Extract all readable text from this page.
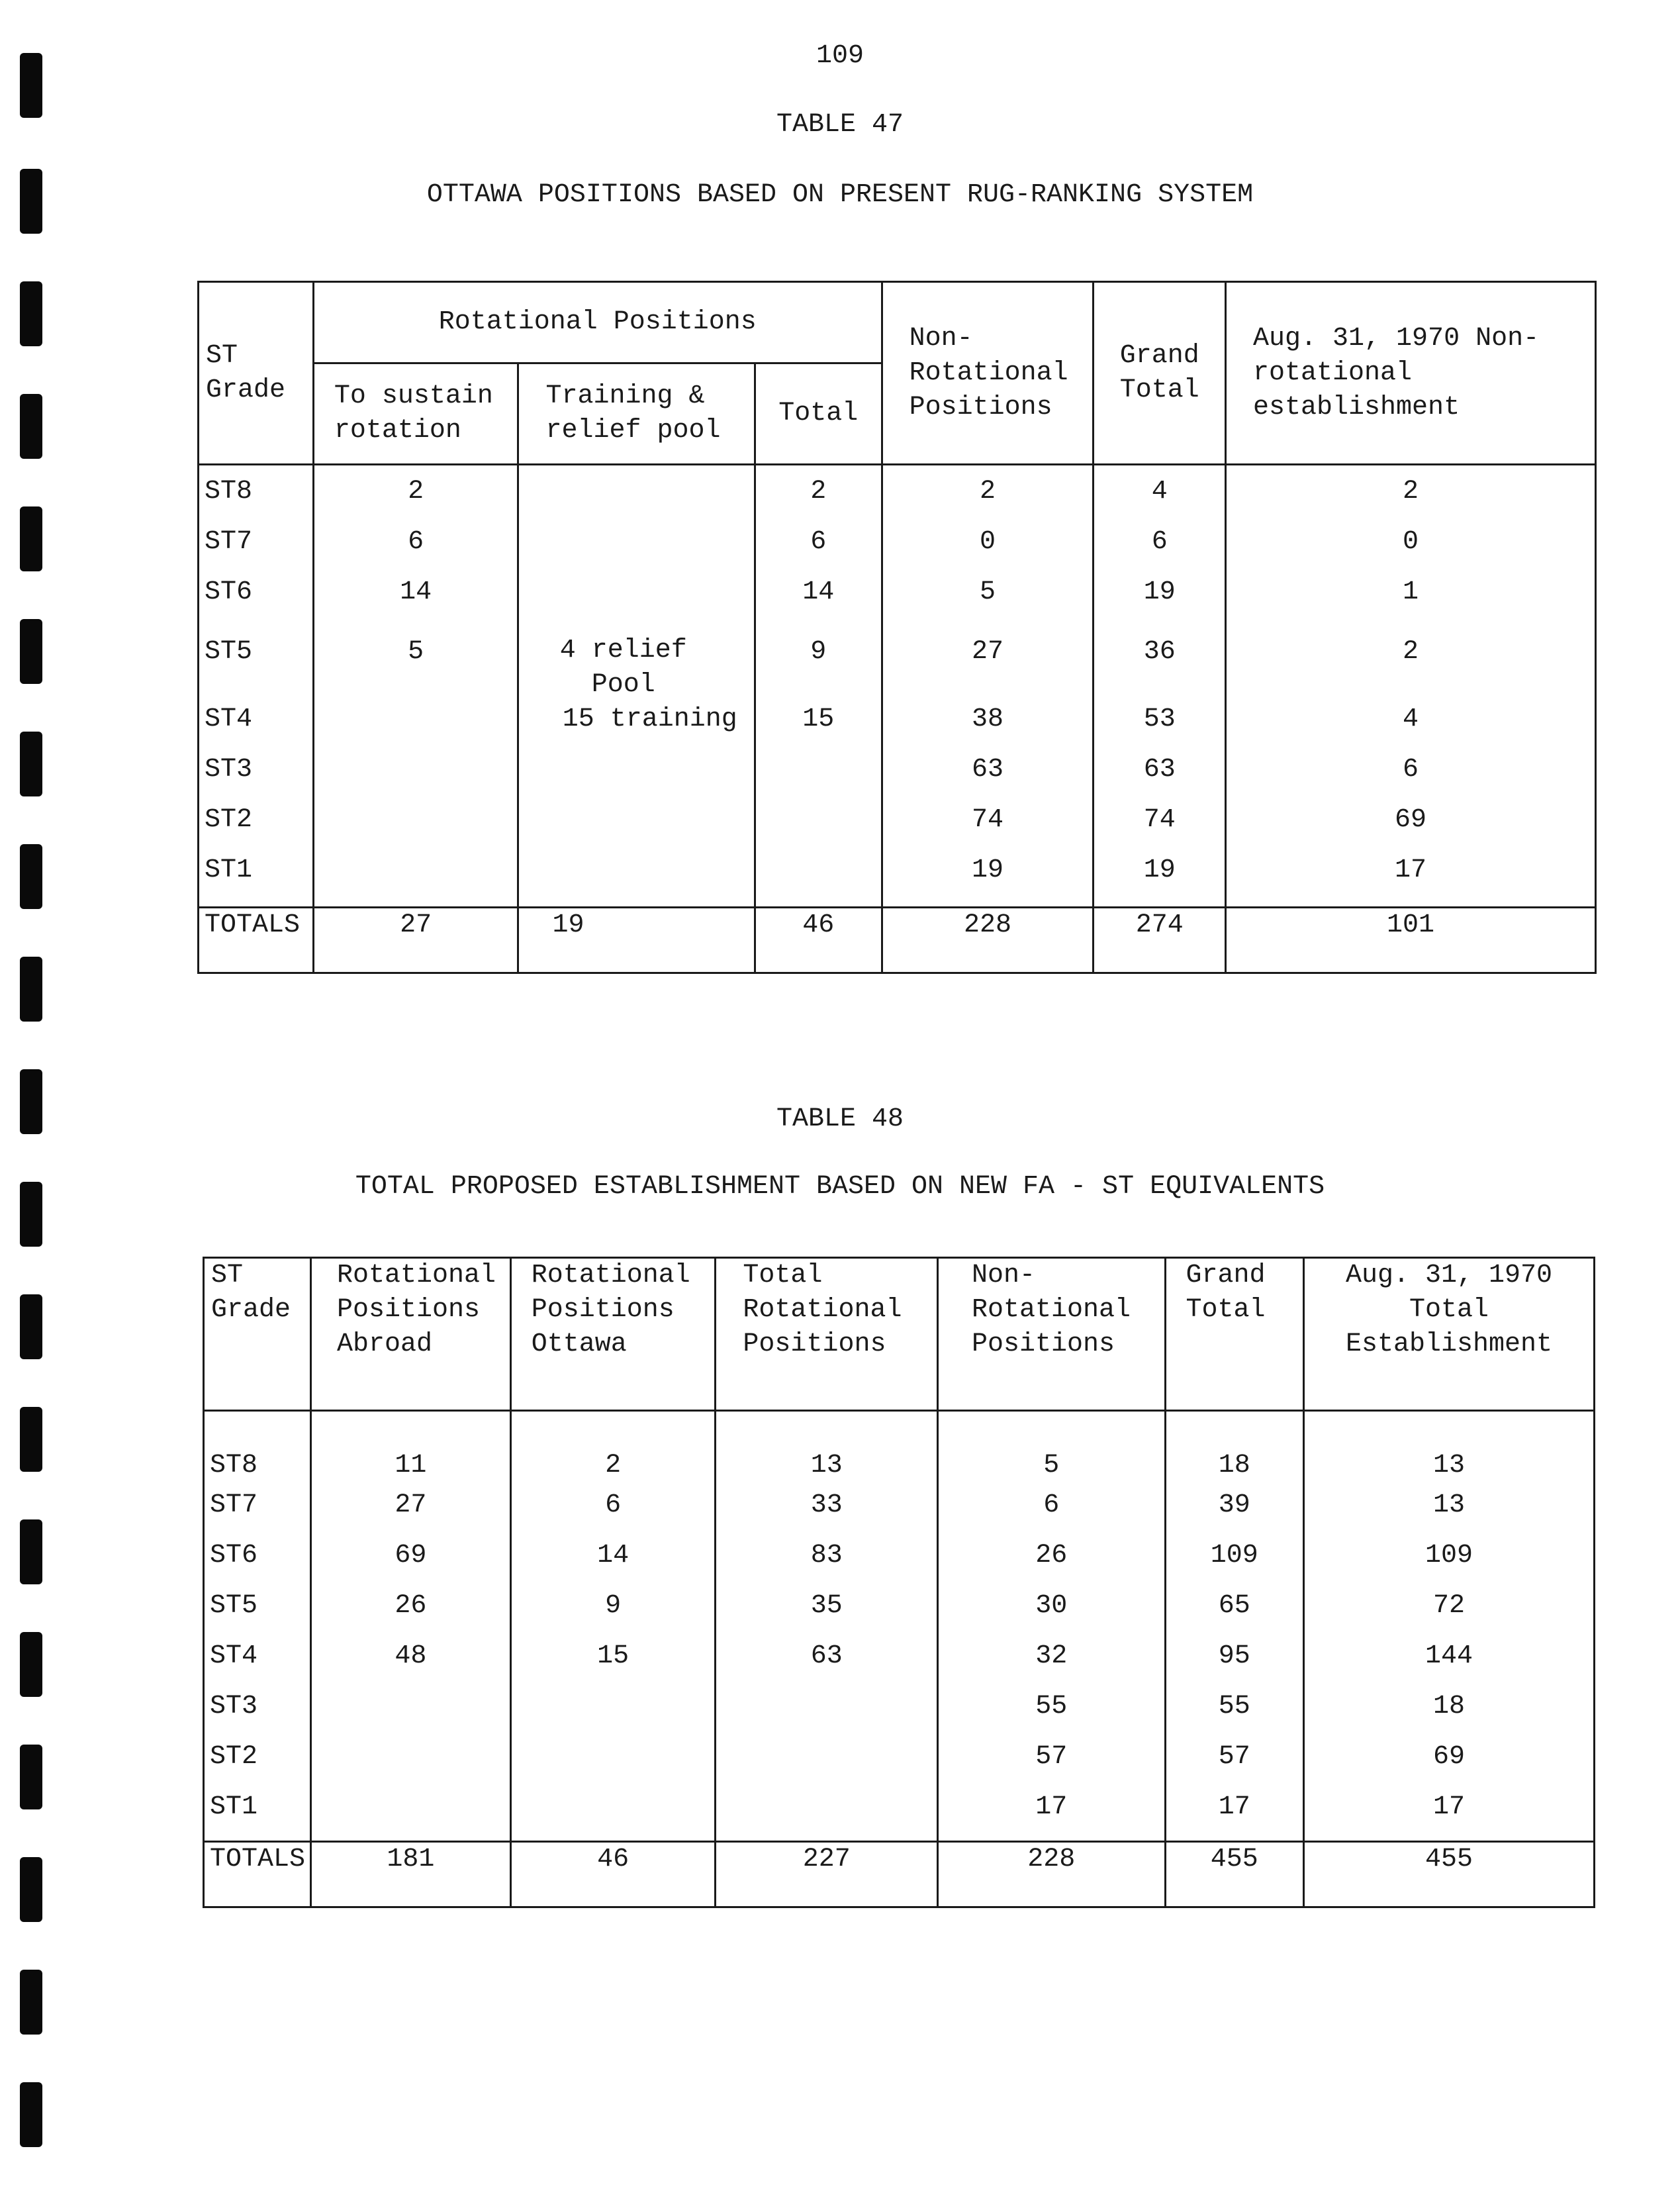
109
TABLE 47
OTTAWA POSITIONS BASED ON PRESENT RUG-RANKING SYSTEM
ST Grade	Rotational Positions			Non- Rotational Positions	Grand Total	Aug. 31, 1970 Non-rotational establishment
	To sustain rotation	Training & relief pool	Total			
ST8	2		2	2	4	2
ST7	6		6	0	6	0
ST6	14		14	5	19	1
ST5	5	4 relief Pool	9	27	36	2
ST4		15 training	15	38	53	4
ST3				63	63	6
ST2				74	74	69
ST1				19	19	17
TOTALS	27	19	46	228	274	101
TABLE 48
TOTAL PROPOSED ESTABLISHMENT BASED ON NEW FA - ST EQUIVALENTS
ST Grade	Rotational Positions Abroad	Rotational Positions Ottawa	Total Rotational Positions	Non- Rotational Positions	Grand Total	Aug. 31, 1970 Total Establishment
ST8	11	2	13	5	18	13
ST7	27	6	33	6	39	13
ST6	69	14	83	26	109	109
ST5	26	9	35	30	65	72
ST4	48	15	63	32	95	144
ST3				55	55	18
ST2				57	57	69
ST1				17	17	17
TOTALS	181	46	227	228	455	455
